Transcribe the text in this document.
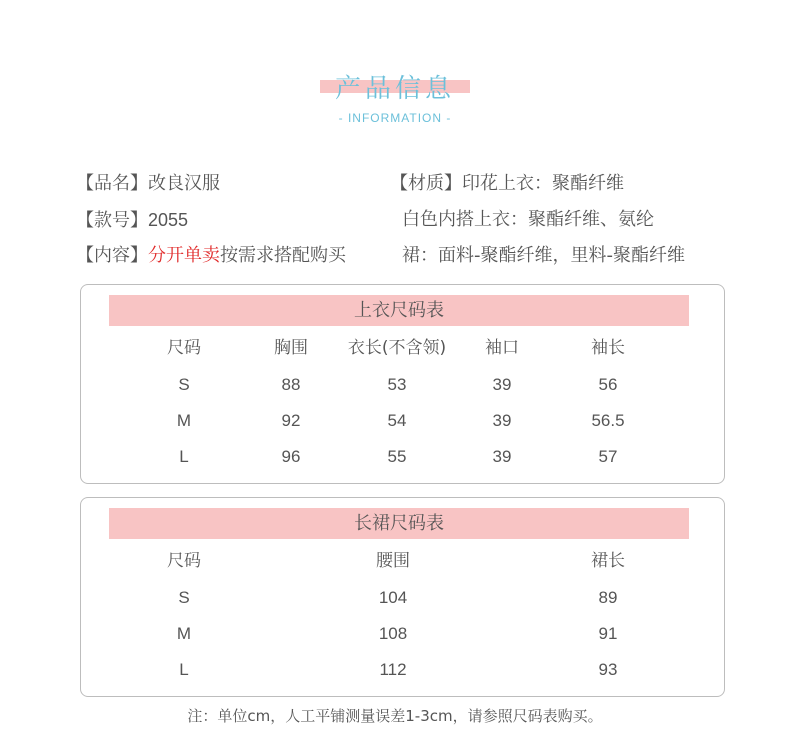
产品信息
- INFORMATION -
【品名】改良汉服
【款号】2055
【内容】分开单卖按需求搭配购买
【材质】印花上衣：聚酯纤维
白色内搭上衣：聚酯纤维、氨纶
裙：面料-聚酯纤维，里料-聚酯纤维
上衣尺码表
尺码	胸围	衣长(不含领)	袖口	袖长
S	88	53	39	56
M	92	54	39	56.5
L	96	55	39	57
长裙尺码表
尺码	腰围	裙长
S	104	89
M	108	91
L	112	93
注：单位cm，人工平铺测量误差1-3cm，请参照尺码表购买。
